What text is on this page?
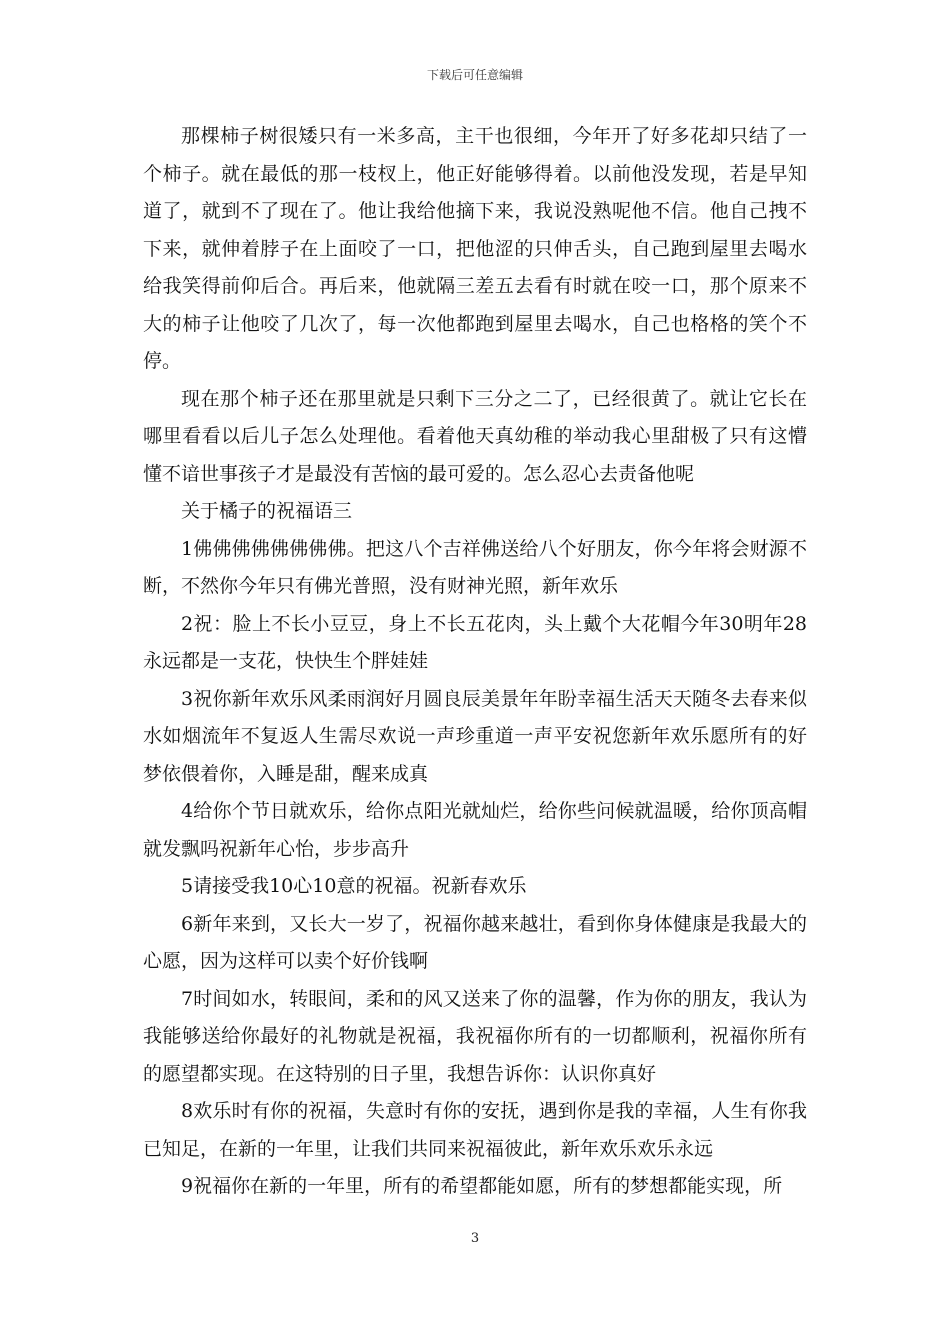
下载后可任意编辑

那棵柿子树很矮只有一米多高，主干也很细，今年开了好多花却只结了一个柿子。就在最低的那一枝杈上，他正好能够得着。以前他没发现，若是早知道了，就到不了现在了。他让我给他摘下来，我说没熟呢他不信。他自己拽不下来，就伸着脖子在上面咬了一口，把他涩的只伸舌头，自己跑到屋里去喝水给我笑得前仰后合。再后来，他就隔三差五去看有时就在咬一口，那个原来不大的柿子让他咬了几次了，每一次他都跑到屋里去喝水，自己也格格的笑个不停。

现在那个柿子还在那里就是只剩下三分之二了，已经很黄了。就让它长在哪里看看以后儿子怎么处理他。看着他天真幼稚的举动我心里甜极了只有这懵懂不谙世事孩子才是最没有苦恼的最可爱的。怎么忍心去责备他呢

关于橘子的祝福语三

1佛佛佛佛佛佛佛佛。把这八个吉祥佛送给八个好朋友，你今年将会财源不断，不然你今年只有佛光普照，没有财神光照，新年欢乐

2祝：脸上不长小豆豆，身上不长五花肉，头上戴个大花帽今年30明年28永远都是一支花，快快生个胖娃娃

3祝你新年欢乐风柔雨润好月圆良辰美景年年盼幸福生活天天随冬去春来似水如烟流年不复返人生需尽欢说一声珍重道一声平安祝您新年欢乐愿所有的好梦依偎着你，入睡是甜，醒来成真

4给你个节日就欢乐，给你点阳光就灿烂，给你些问候就温暖，给你顶高帽就发飘吗祝新年心怡，步步高升

5请接受我10心10意的祝福。祝新春欢乐

6新年来到，又长大一岁了，祝福你越来越壮，看到你身体健康是我最大的心愿，因为这样可以卖个好价钱啊

7时间如水，转眼间，柔和的风又送来了你的温馨，作为你的朋友，我认为我能够送给你最好的礼物就是祝福，我祝福你所有的一切都顺利，祝福你所有的愿望都实现。在这特别的日子里，我想告诉你：认识你真好

8欢乐时有你的祝福，失意时有你的安抚，遇到你是我的幸福，人生有你我已知足，在新的一年里，让我们共同来祝福彼此，新年欢乐欢乐永远

9祝福你在新的一年里，所有的希望都能如愿，所有的梦想都能实现，所

3
